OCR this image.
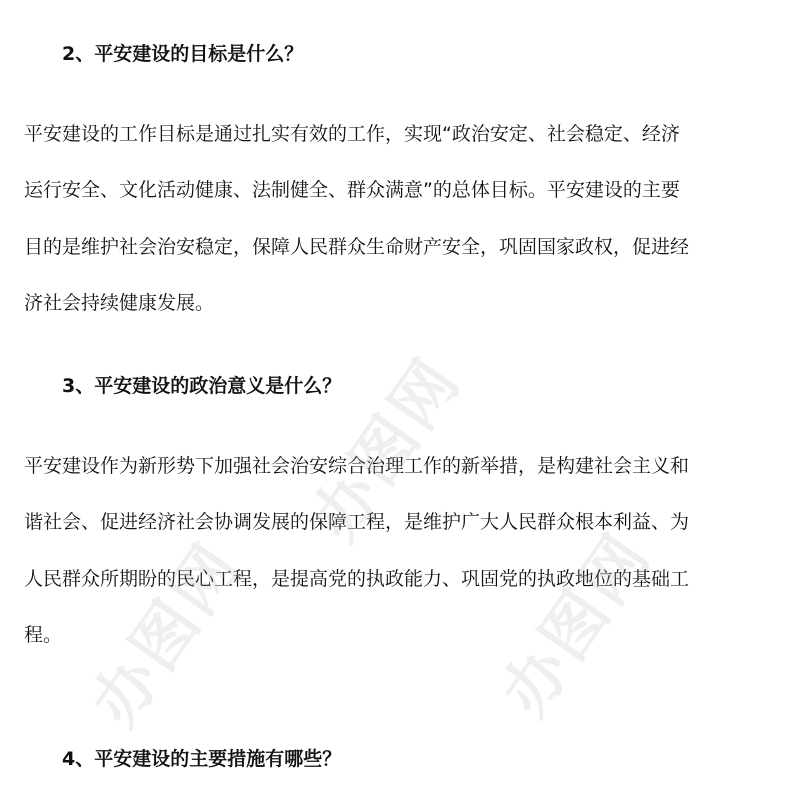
2、平安建设的目标是什么？
平安建设的工作目标是通过扎实有效的工作，实现“政治安定、社会稳定、经济
运行安全、文化活动健康、法制健全、群众满意”的总体目标。平安建设的主要
目的是维护社会治安稳定，保障人民群众生命财产安全，巩固国家政权，促进经
济社会持续健康发展。
3、平安建设的政治意义是什么？
平安建设作为新形势下加强社会治安综合治理工作的新举措，是构建社会主义和
谐社会、促进经济社会协调发展的保障工程，是维护广大人民群众根本利益、为
人民群众所期盼的民心工程，是提高党的执政能力、巩固党的执政地位的基础工
程。
4、平安建设的主要措施有哪些？
办图网
办图网
办图网
